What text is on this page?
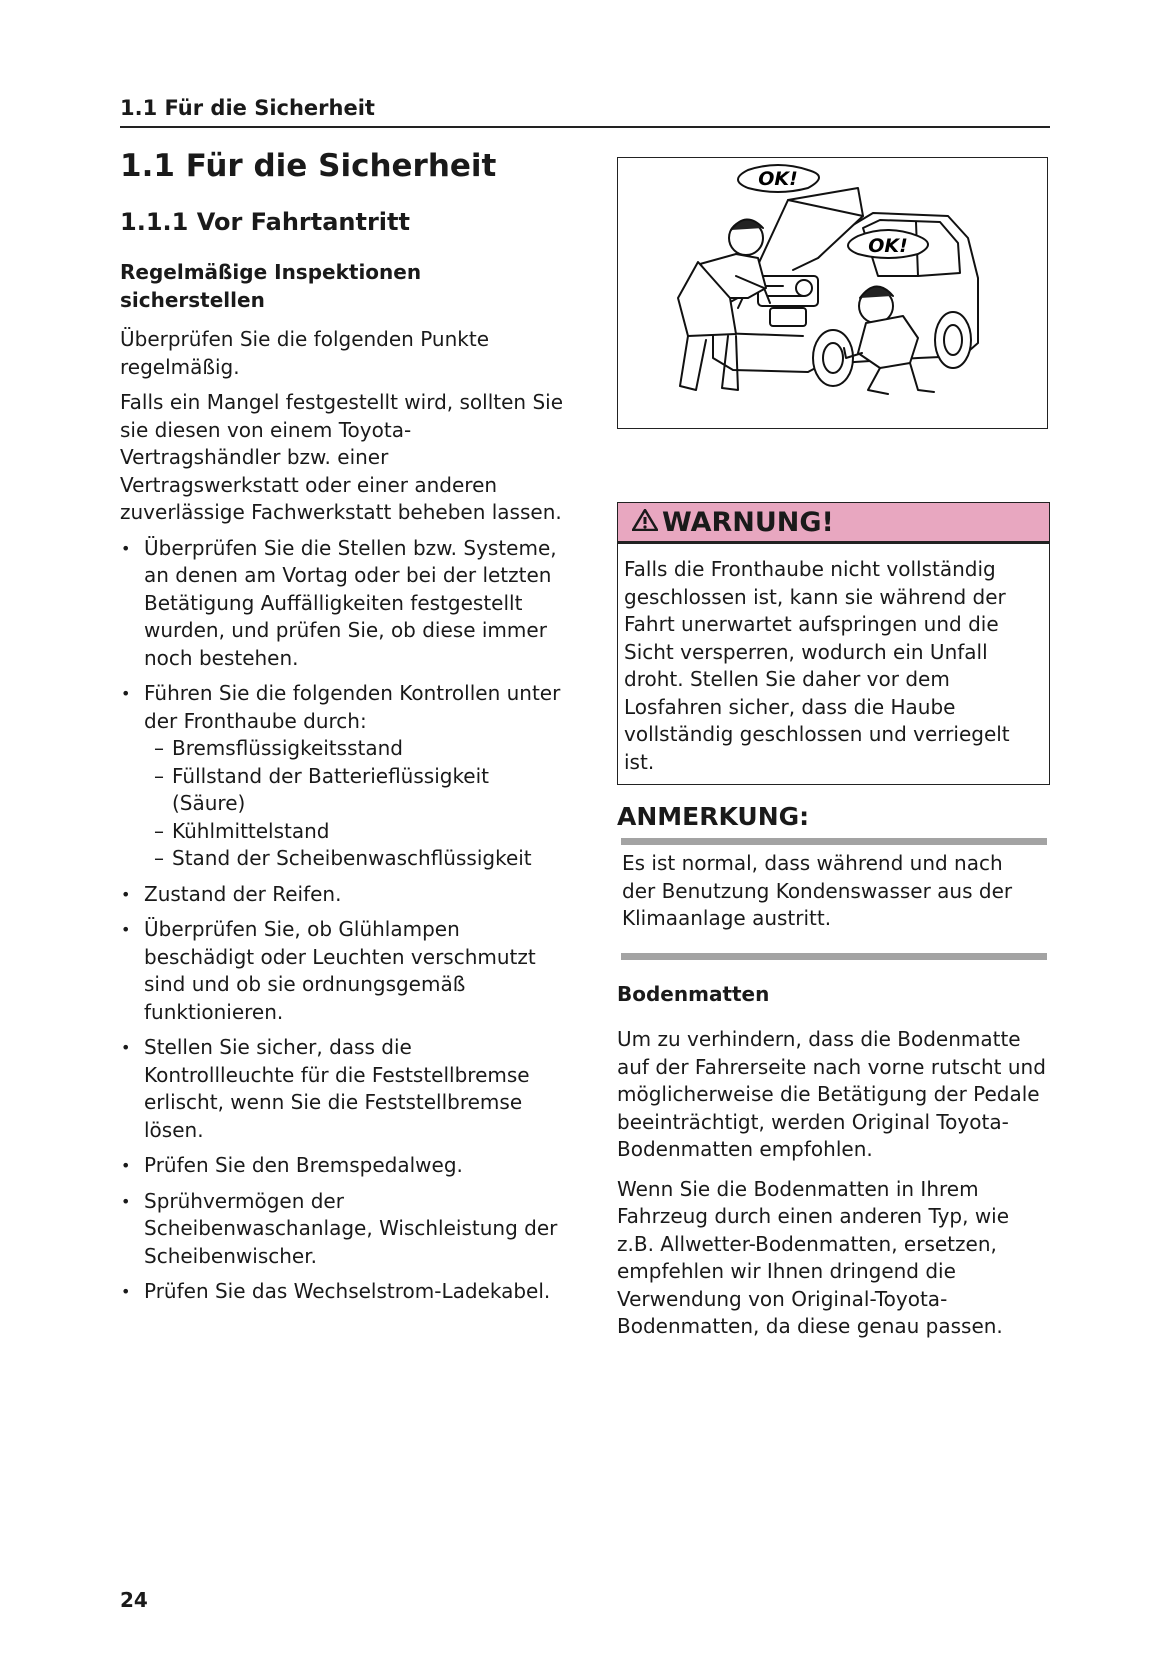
1.1 Für die Sicherheit
1.1 Für die Sicherheit
1.1.1 Vor Fahrtantritt
Regelmäßige Inspektionen sicherstellen

Überprüfen Sie die folgenden Punkte regelmäßig.

Falls ein Mangel festgestellt wird, sollten Sie sie diesen von einem Toyota-Vertragshändler bzw. einer Vertragswerkstatt oder einer anderen zuverlässige Fachwerkstatt beheben lassen.

• Überprüfen Sie die Stellen bzw. Systeme, an denen am Vortag oder bei der letzten Betätigung Auffälligkeiten festgestellt wurden, und prüfen Sie, ob diese immer noch bestehen.
• Führen Sie die folgenden Kontrollen unter der Fronthaube durch:
– Bremsflüssigkeitsstand
– Füllstand der Batterieflüssigkeit (Säure)
– Kühlmittelstand
– Stand der Scheibenwaschflüssigkeit
• Zustand der Reifen.
• Überprüfen Sie, ob Glühlampen beschädigt oder Leuchten verschmutzt sind und ob sie ordnungsgemäß funktionieren.
• Stellen Sie sicher, dass die Kontrollleuchte für die Feststellbremse erlischt, wenn Sie die Feststellbremse lösen.
• Prüfen Sie den Bremspedalweg.
• Sprühvermögen der Scheibenwaschanlage, Wischleistung der Scheibenwischer.
• Prüfen Sie das Wechselstrom-Ladekabel.
OK!
OK!
WARNUNG!
Falls die Fronthaube nicht vollständig geschlossen ist, kann sie während der Fahrt unerwartet aufspringen und die Sicht versperren, wodurch ein Unfall droht. Stellen Sie daher vor dem Losfahren sicher, dass die Haube vollständig geschlossen und verriegelt ist.
ANMERKUNG:
Es ist normal, dass während und nach der Benutzung Kondenswasser aus der Klimaanlage austritt.
Bodenmatten

Um zu verhindern, dass die Bodenmatte auf der Fahrerseite nach vorne rutscht und möglicherweise die Betätigung der Pedale beeinträchtigt, werden Original Toyota-Bodenmatten empfohlen.

Wenn Sie die Bodenmatten in Ihrem Fahrzeug durch einen anderen Typ, wie z.B. Allwetter-Bodenmatten, ersetzen, empfehlen wir Ihnen dringend die Verwendung von Original-Toyota-Bodenmatten, da diese genau passen.

24
